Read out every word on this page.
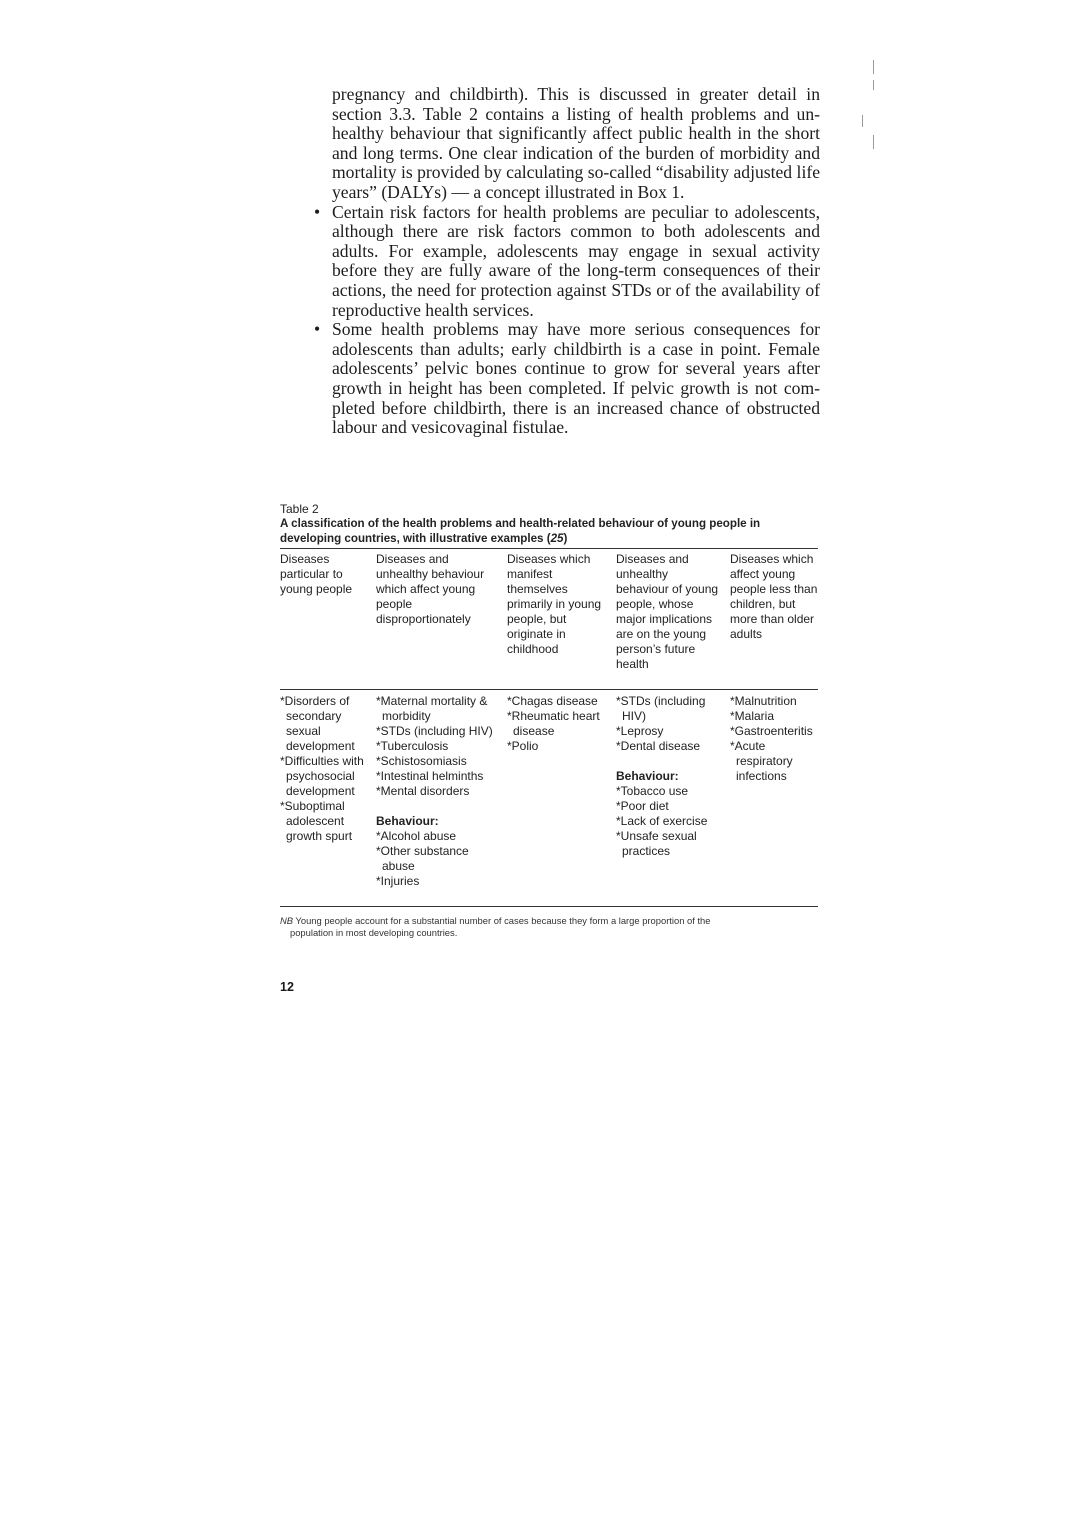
pregnancy and childbirth). This is discussed in greater detail in section 3.3. Table 2 contains a listing of health problems and unhealthy behaviour that significantly affect public health in the short and long terms. One clear indication of the burden of morbidity and mortality is provided by calculating so-called “disability adjusted life years” (DALYs) — a concept illustrated in Box 1.

• Certain risk factors for health problems are peculiar to adolescents, although there are risk factors common to both adolescents and adults. For example, adolescents may engage in sexual activity before they are fully aware of the long-term consequences of their actions, the need for protection against STDs or of the availability of reproductive health services.
• Some health problems may have more serious consequences for adolescents than adults; early childbirth is a case in point. Female adolescents’ pelvic bones continue to grow for several years after growth in height has been completed. If pelvic growth is not completed before childbirth, there is an increased chance of obstructed labour and vesicovaginal fistulae.

Table 2

A classification of the health problems and health-related behaviour of young people in developing countries, with illustrative examples (25)

Diseases particular to young people
Diseases and unhealthy behaviour which affect young people disproportionately
Diseases which manifest themselves primarily in young people, but originate in childhood
Diseases and unhealthy behaviour of young people, whose major implications are on the young person’s future health
Diseases which affect young people less than children, but more than older adults
*Disorders of secondary sexual development
*Difficulties with psychosocial development
*Suboptimal adolescent growth spurt
*Maternal mortality & morbidity
*STDs (including HIV)
*Tuberculosis
*Schistosomiasis
*Intestinal helminths
*Mental disorders
Behaviour:
*Alcohol abuse
*Other substance abuse
*Injuries
*Chagas disease
*Rheumatic heart disease
*Polio
*STDs (including HIV)
*Leprosy
*Dental disease
Behaviour:
*Tobacco use
*Poor diet
*Lack of exercise
*Unsafe sexual practices
*Malnutrition
*Malaria
*Gastroenteritis
*Acute respiratory infections
NB Young people account for a substantial number of cases because they form a large proportion of the
population in most developing countries.
12
